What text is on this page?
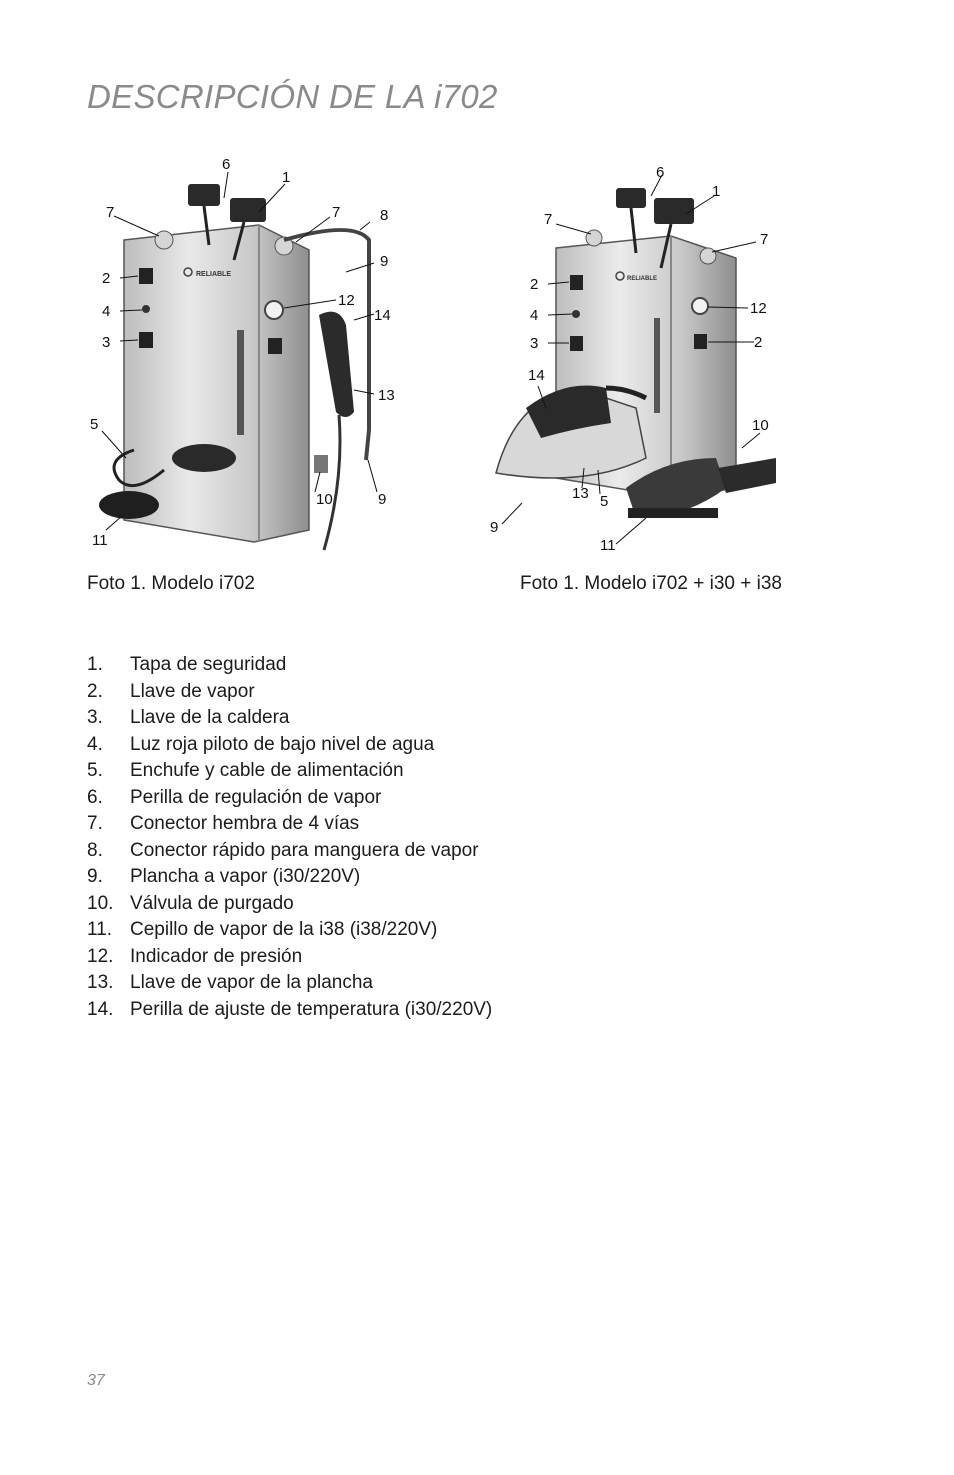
DESCRIPCIÓN DE LA i702
RELIABLE
6
1
7	7	8
9
2
4
3
12
14
13
5
11
10	9
RELIABLE
6
1
7
7
2
4
3
12
2
14
10
13 5
9
11
Foto 1. Modelo i702	Foto 1. Modelo i702 + i30 + i38
1.	Tapa de seguridad
2.	Llave de vapor
3.	Llave de la caldera
4.	Luz roja piloto de bajo nivel de agua
5.	Enchufe y cable de alimentación
6.	Perilla de regulación de vapor
7.	Conector hembra de 4 vías
8.	Conector rápido para manguera de vapor
9.	Plancha a vapor (i30/220V)
10. Válvula de purgado
11. Cepillo de vapor de la i38 (i38/220V)
12. Indicador de presión
13. Llave de vapor de la plancha
14. Perilla de ajuste de temperatura (i30/220V)
37
